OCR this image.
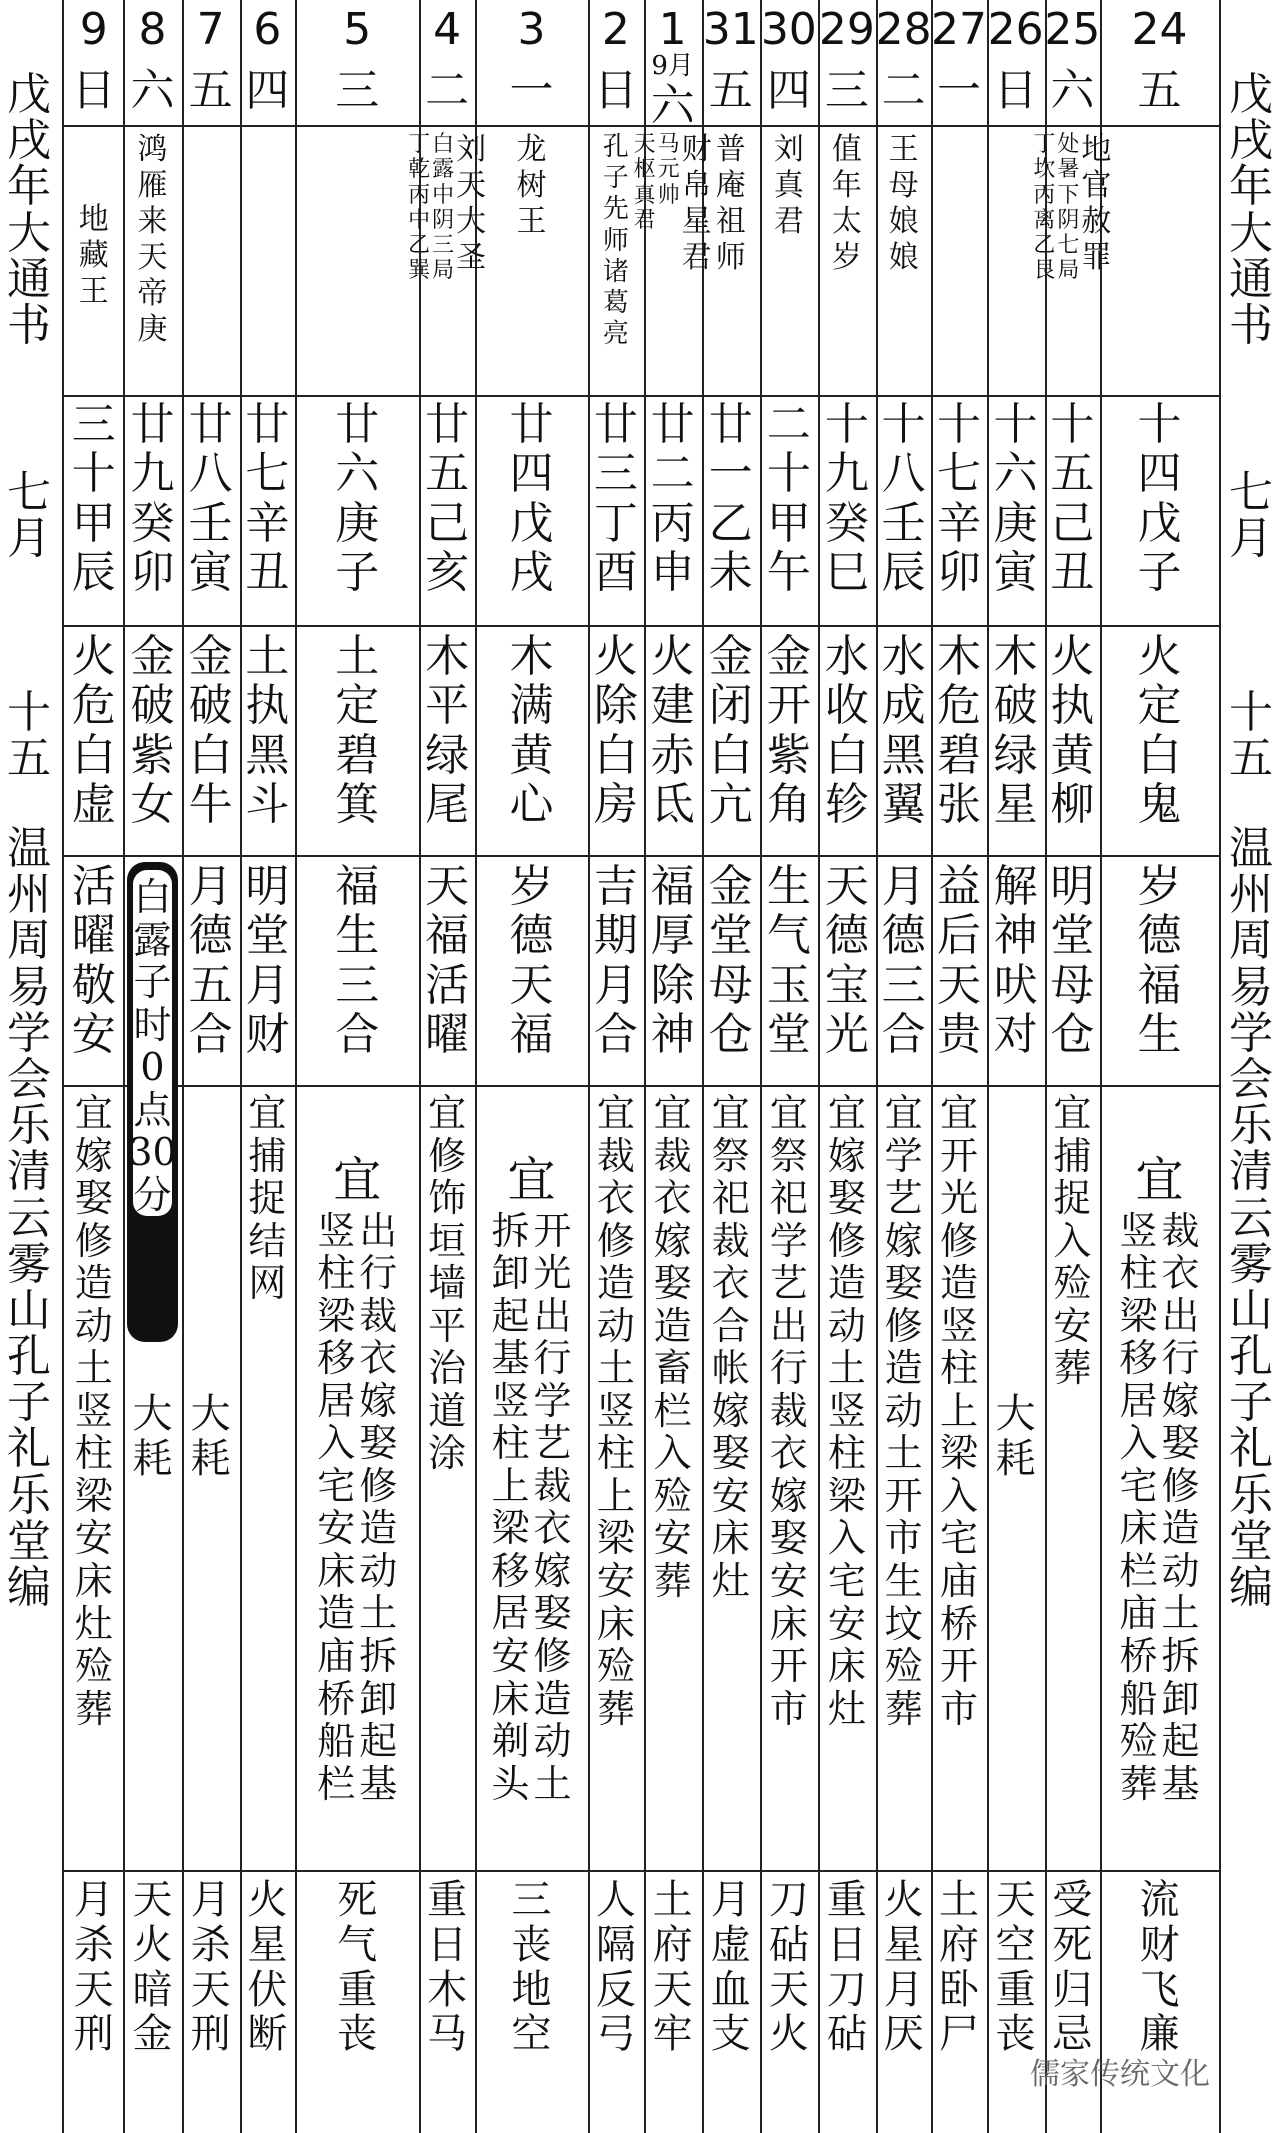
戊
戌
年
大
通
书
七
月
十
五
温
州
周
易
学
会
乐
清
云
雾
山
孔
子
礼
乐
堂
编
戊
戌
年
大
通
书
七
月
十
五
温
州
周
易
学
会
乐
清
云
雾
山
孔
子
礼
乐
堂
编
24
五
十
四
戊
子
火
定
白
鬼
岁
德
福
生
宜
裁
衣
出
行
嫁
娶
修
造
动
土
拆
卸
起
基
竖
柱
梁
移
居
入
宅
床
栏
庙
桥
船
殓
葬
流
财
飞
廉
25
六
地
官
赦
罪
处
暑
下
阴
七
局
丁
坎
丙
离
乙
艮
十
五
己
丑
火
执
黄
柳
明
堂
母
仓
宜
捕
捉
入
殓
安
葬
受
死
归
忌
26
日
十
六
庚
寅
木
破
绿
星
解
神
吠
对
大
耗
天
空
重
丧
27
一
十
七
辛
卯
木
危
碧
张
益
后
天
贵
宜
开
光
修
造
竖
柱
上
梁
入
宅
庙
桥
开
市
土
府
卧
尸
28
二
王
母
娘
娘
十
八
壬
辰
水
成
黑
翼
月
德
三
合
宜
学
艺
嫁
娶
修
造
动
土
开
市
生
坟
殓
葬
火
星
月
厌
29
三
值
年
太
岁
十
九
癸
巳
水
收
白
轸
天
德
宝
光
宜
嫁
娶
修
造
动
土
竖
柱
梁
入
宅
安
床
灶
重
日
刀
砧
30
四
刘
真
君
二
十
甲
午
金
开
紫
角
生
气
玉
堂
宜
祭
祀
学
艺
出
行
裁
衣
嫁
娶
安
床
开
市
刀
砧
天
火
31
五
普
庵
祖
师
廿
一
乙
未
金
闭
白
亢
金
堂
母
仓
宜
祭
祀
裁
衣
合
帐
嫁
娶
安
床
灶
月
虚
血
支
1
9月
六
财
帛
星
君
马
元
帅
天
枢
真
君
廿
二
丙
申
火
建
赤
氐
福
厚
除
神
宜
裁
衣
嫁
娶
造
畜
栏
入
殓
安
葬
土
府
天
牢
2
日
孔
子
先
师
诸
葛
亮
廿
三
丁
酉
火
除
白
房
吉
期
月
合
宜
裁
衣
修
造
动
土
竖
柱
上
梁
安
床
殓
葬
人
隔
反
弓
3
一
龙
树
王
廿
四
戊
戌
木
满
黄
心
岁
德
天
福
宜
开
光
出
行
学
艺
裁
衣
嫁
娶
修
造
动
土
拆
卸
起
基
竖
柱
上
梁
移
居
安
床
剃
头
三
丧
地
空
4
二
刘
天
大
圣
白
露
中
阴
三
局
丁
乾
丙
中
乙
巽
廿
五
己
亥
木
平
绿
尾
天
福
活
曜
宜
修
饰
垣
墙
平
治
道
涂
重
日
木
马
5
三
廿
六
庚
子
土
定
碧
箕
福
生
三
合
宜
出
行
裁
衣
嫁
娶
修
造
动
土
拆
卸
起
基
竖
柱
梁
移
居
入
宅
安
床
造
庙
桥
船
栏
死
气
重
丧
6
四
廿
七
辛
丑
土
执
黑
斗
明
堂
月
财
宜
捕
捉
结
网
火
星
伏
断
7
五
廿
八
壬
寅
金
破
白
牛
月
德
五
合
大
耗
月
杀
天
刑
8
六
鸿
雁
来
天
帝
庚
廿
九
癸
卯
金
破
紫
女
大
耗
白
露
子
时
0
点
30
分
天
火
暗
金
9
日
地
藏
王
三
十
甲
辰
火
危
白
虚
活
曜
敬
安
宜
嫁
娶
修
造
动
土
竖
柱
梁
安
床
灶
殓
葬
月
杀
天
刑
儒家传统文化
